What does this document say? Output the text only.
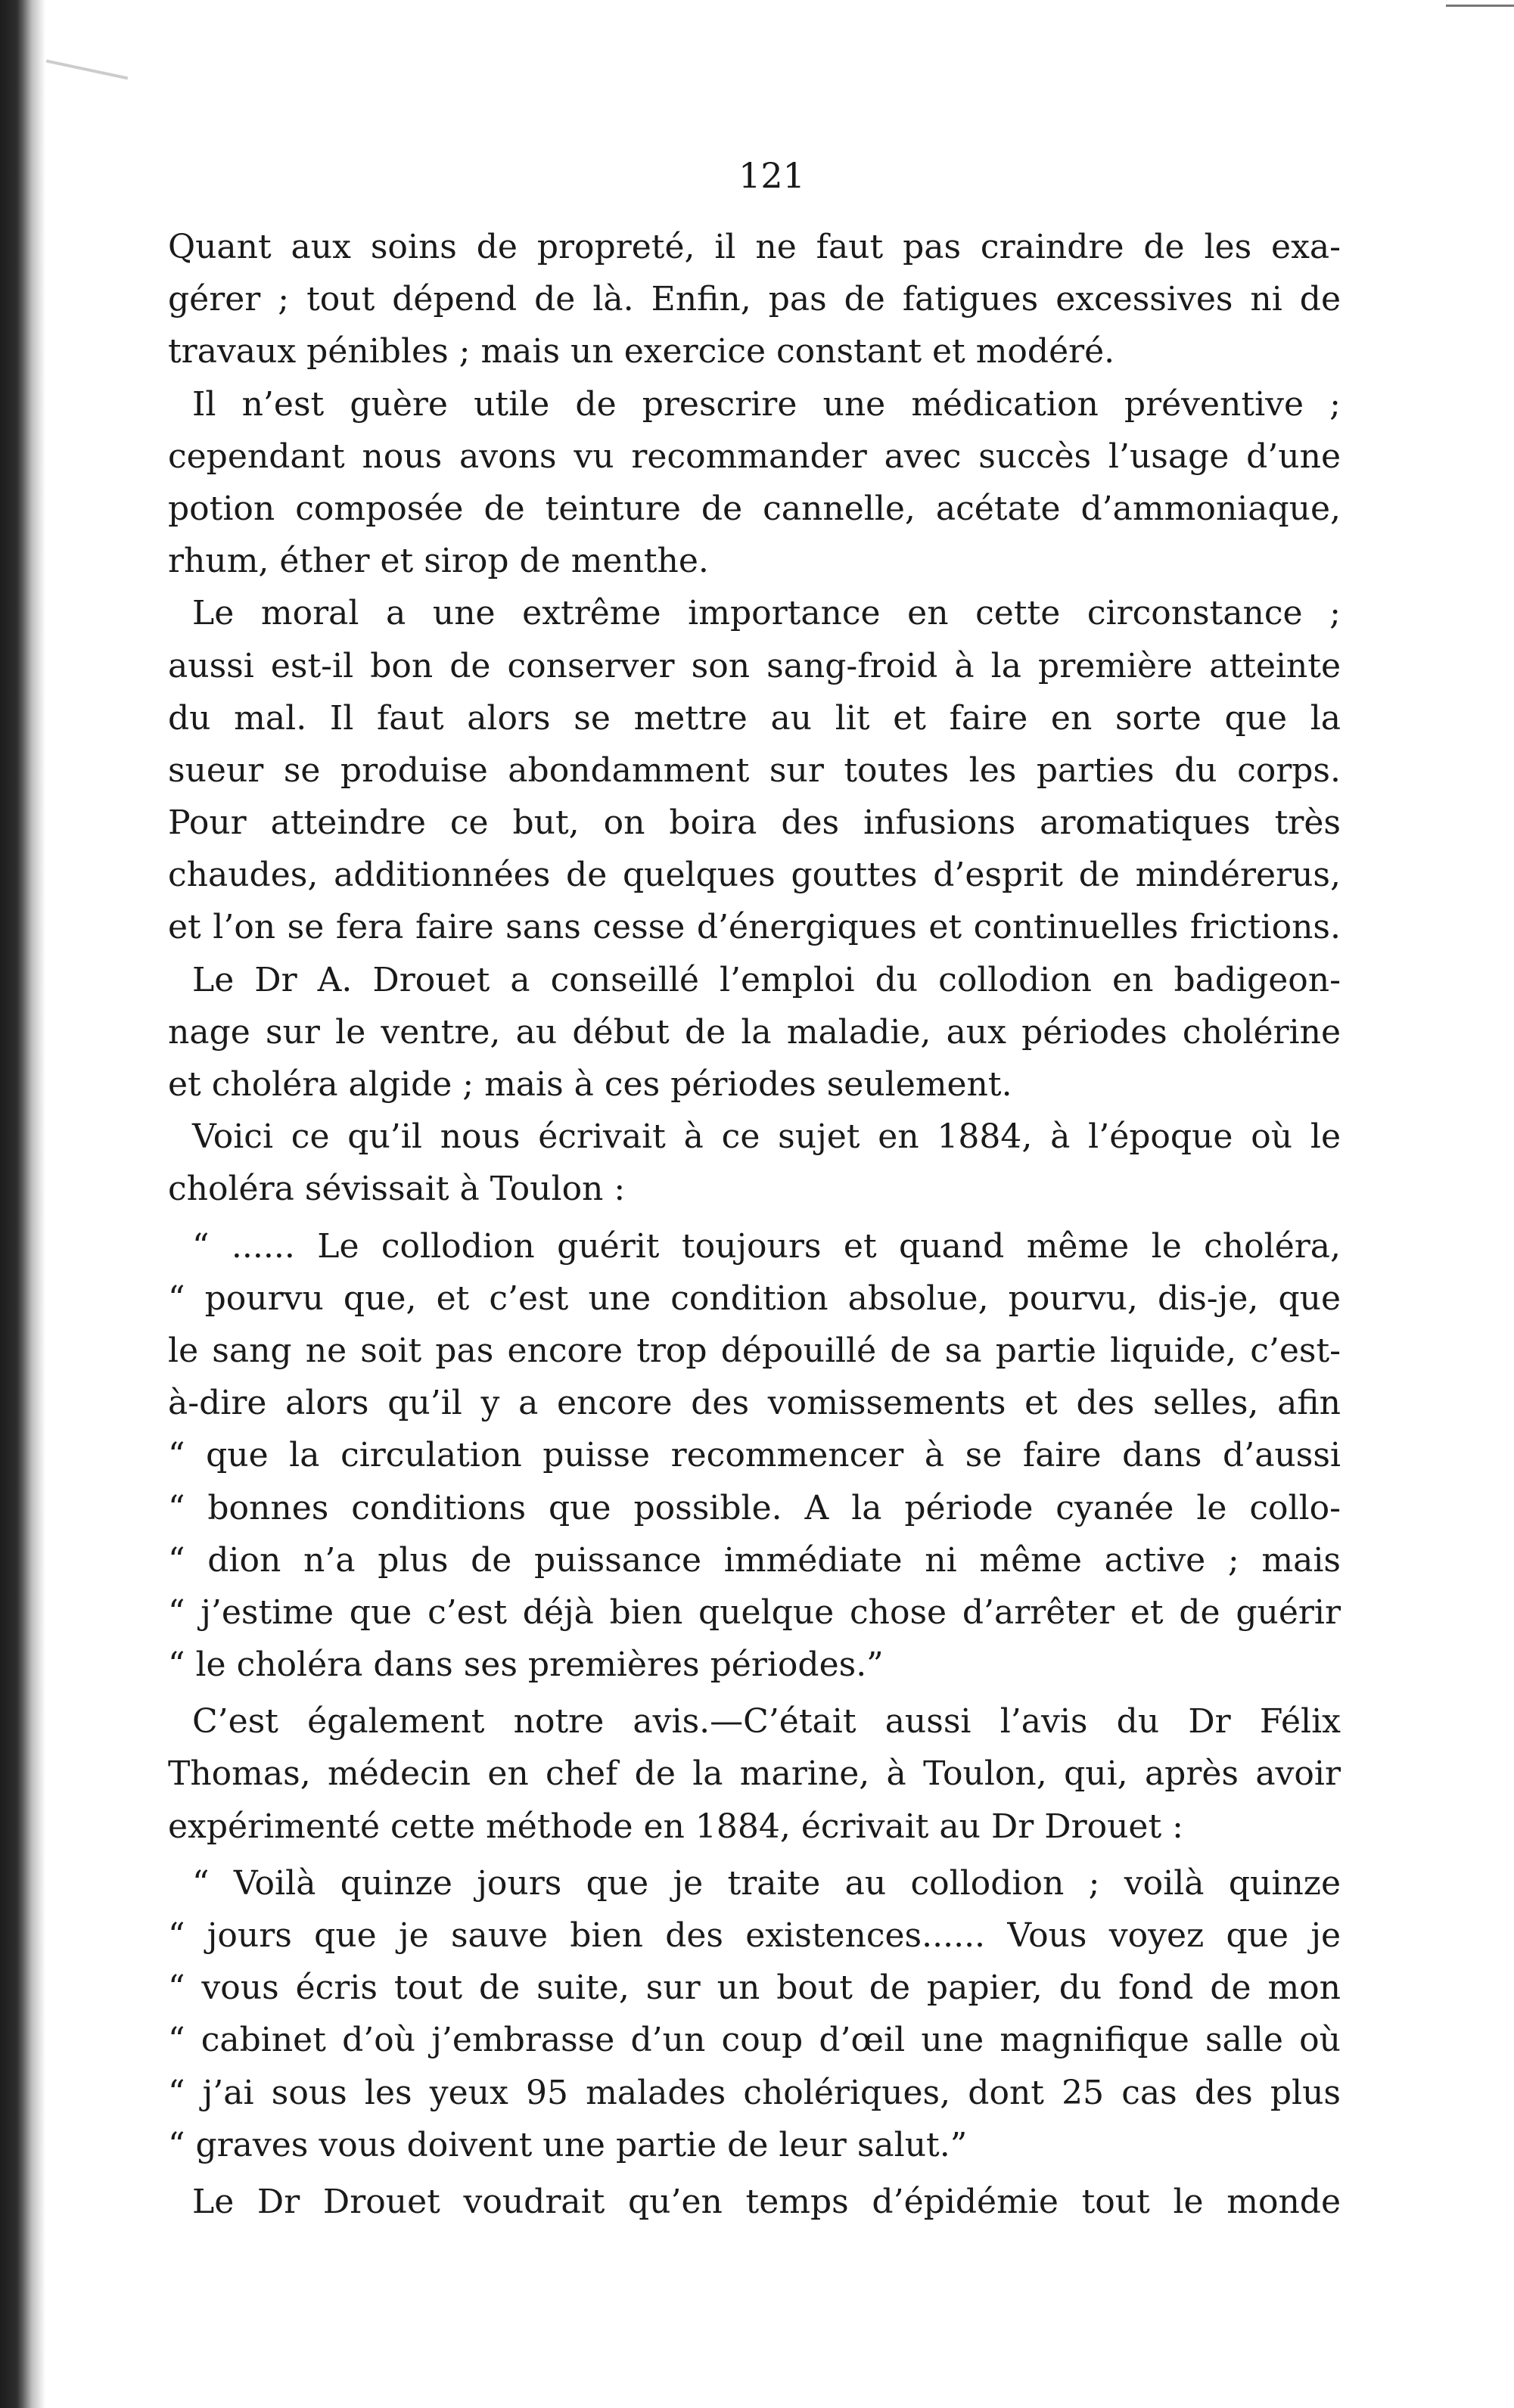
121
Quant aux soins de propreté, il ne faut pas craindre de les exa-
gérer ; tout dépend de là. Enfin, pas de fatigues excessives ni de
travaux pénibles ; mais un exercice constant et modéré.
Il n’est guère utile de prescrire une médication préventive ;
cependant nous avons vu recommander avec succès l’usage d’une
potion composée de teinture de cannelle, acétate d’ammoniaque,
rhum, éther et sirop de menthe.
Le moral a une extrême importance en cette circonstance ;
aussi est-il bon de conserver son sang-froid à la première atteinte
du mal. Il faut alors se mettre au lit et faire en sorte que la
sueur se produise abondamment sur toutes les parties du corps.
Pour atteindre ce but, on boira des infusions aromatiques très
chaudes, additionnées de quelques gouttes d’esprit de mindérerus,
et l’on se fera faire sans cesse d’énergiques et continuelles frictions.
Le Dr A. Drouet a conseillé l’emploi du collodion en badigeon-
nage sur le ventre, au début de la maladie, aux périodes cholérine
et choléra algide ; mais à ces périodes seulement.
Voici ce qu’il nous écrivait à ce sujet en 1884, à l’époque où le
choléra sévissait à Toulon :
“ ...... Le collodion guérit toujours et quand même le choléra,
“ pourvu que, et c’est une condition absolue, pourvu, dis-je, que
le sang ne soit pas encore trop dépouillé de sa partie liquide, c’est-
à-dire alors qu’il y a encore des vomissements et des selles, afin
“ que la circulation puisse recommencer à se faire dans d’aussi
“ bonnes conditions que possible. A la période cyanée le collo-
“ dion n’a plus de puissance immédiate ni même active ; mais
“ j’estime que c’est déjà bien quelque chose d’arrêter et de guérir
“ le choléra dans ses premières périodes.”
C’est également notre avis.—C’était aussi l’avis du Dr Félix
Thomas, médecin en chef de la marine, à Toulon, qui, après avoir
expérimenté cette méthode en 1884, écrivait au Dr Drouet :
“ Voilà quinze jours que je traite au collodion ; voilà quinze
“ jours que je sauve bien des existences...... Vous voyez que je
“ vous écris tout de suite, sur un bout de papier, du fond de mon
“ cabinet d’où j’embrasse d’un coup d’œil une magnifique salle où
“ j’ai sous les yeux 95 malades cholériques, dont 25 cas des plus
“ graves vous doivent une partie de leur salut.”
Le Dr Drouet voudrait qu’en temps d’épidémie tout le monde
